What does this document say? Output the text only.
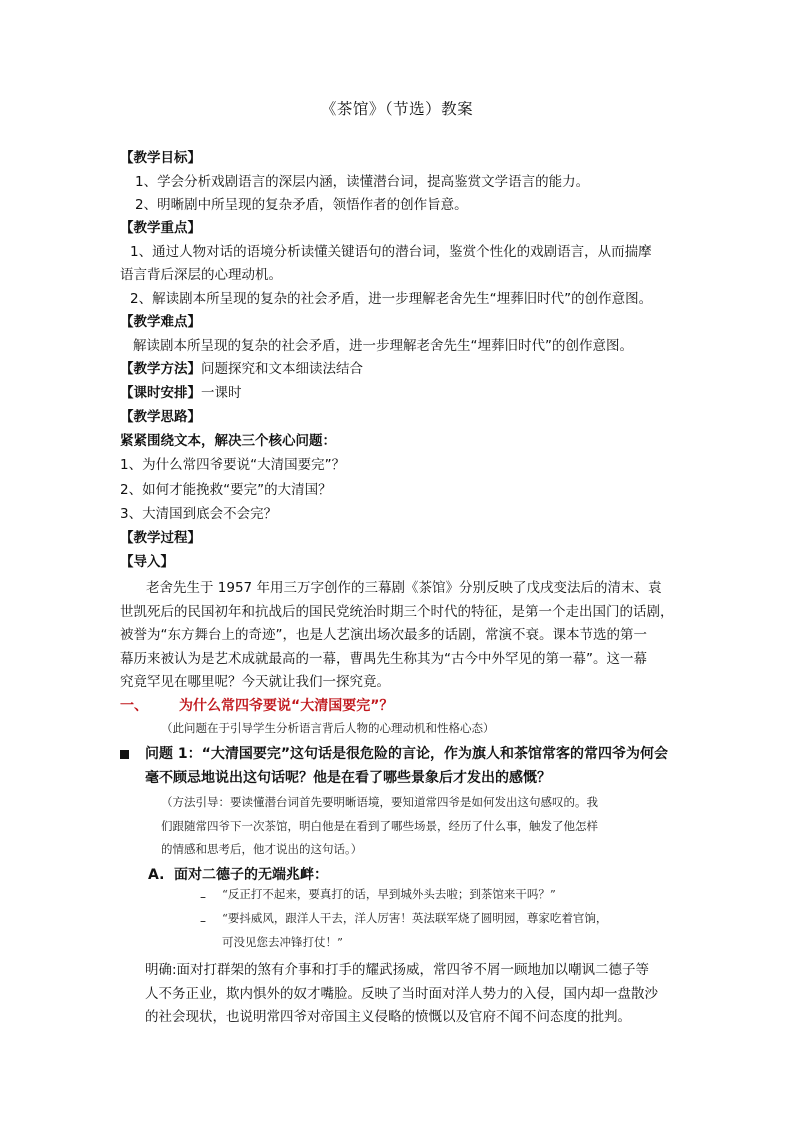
《茶馆》（节选）教案
【教学目标】
1、学会分析戏剧语言的深层内涵，读懂潜台词，提高鉴赏文学语言的能力。
2、明晰剧中所呈现的复杂矛盾，领悟作者的创作旨意。
【教学重点】
1、通过人物对话的语境分析读懂关键语句的潜台词，鉴赏个性化的戏剧语言，从而揣摩
语言背后深层的心理动机。
2、解读剧本所呈现的复杂的社会矛盾，进一步理解老舍先生“埋葬旧时代”的创作意图。
【教学难点】
解读剧本所呈现的复杂的社会矛盾，进一步理解老舍先生“埋葬旧时代”的创作意图。
【教学方法】问题探究和文本细读法结合
【课时安排】一课时
【教学思路】
紧紧围绕文本，解决三个核心问题：
1、为什么常四爷要说“大清国要完”？
2、如何才能挽救“要完”的大清国？
3、大清国到底会不会完？
【教学过程】
【导入】
老舍先生于 1957 年用三万字创作的三幕剧《茶馆》分别反映了戊戌变法后的清末、袁
世凯死后的民国初年和抗战后的国民党统治时期三个时代的特征，是第一个走出国门的话剧，
被誉为“东方舞台上的奇迹”，也是人艺演出场次最多的话剧，常演不衰。课本节选的第一
幕历来被认为是艺术成就最高的一幕，曹禺先生称其为“古今中外罕见的第一幕”。这一幕
究竟罕见在哪里呢？今天就让我们一探究竟。
一、 为什么常四爷要说“大清国要完”？
（此问题在于引导学生分析语言背后人物的心理动机和性格心态）
问题 1：“大清国要完”这句话是很危险的言论，作为旗人和茶馆常客的常四爷为何会
毫不顾忌地说出这句话呢？他是在看了哪些景象后才发出的感慨？
（方法引导：要读懂潜台词首先要明晰语境，要知道常四爷是如何发出这句感叹的。我
们跟随常四爷下一次茶馆，明白他是在看到了哪些场景，经历了什么事，触发了他怎样
的情感和思考后，他才说出的这句话。）
A. 面对二德子的无端兆衅：
– “反正打不起来，要真打的话，早到城外头去啦；到茶馆来干吗？”
– “要抖威风，跟洋人干去，洋人厉害！英法联军烧了圆明园，尊家吃着官饷，
可没见您去冲锋打仗！”
明确:面对打群架的煞有介事和打手的耀武扬威，常四爷不屑一顾地加以嘲讽二德子等
人不务正业，欺内惧外的奴才嘴脸。反映了当时面对洋人势力的入侵，国内却一盘散沙
的社会现状，也说明常四爷对帝国主义侵略的愤慨以及官府不闻不问态度的批判。
